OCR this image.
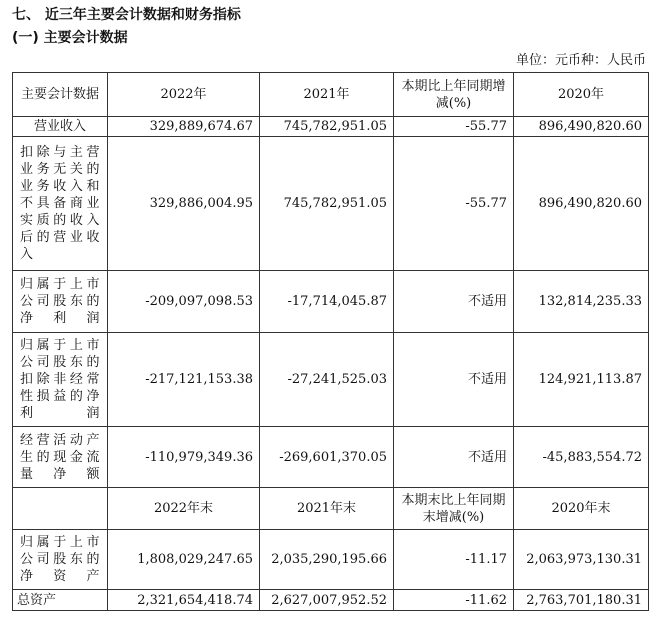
七、 近三年主要会计数据和财务指标
(一) 主要会计数据
单位：元币种：人民币
主要会计数据	2022年	2021年	本期比上年同期增减(%)	2020年
营业收入	329,889,674.67	745,782,951.05	-55.77	896,490,820.60
扣除与主营业务无关的业务收入和不具备商业实质的收入后的营业收入	329,886,004.95	745,782,951.05	-55.77	896,490,820.60
归属于上市公司股东的净利润	-209,097,098.53	-17,714,045.87	不适用	132,814,235.33
归属于上市公司股东的扣除非经常性损益的净利润	-217,121,153.38	-27,241,525.03	不适用	124,921,113.87
经营活动产生的现金流量净额	-110,979,349.36	-269,601,370.05	不适用	-45,883,554.72
	2022年末	2021年末	本期末比上年同期末增减(%)	2020年末
归属于上市公司股东的净资产	1,808,029,247.65	2,035,290,195.66	-11.17	2,063,973,130.31
总资产	2,321,654,418.74	2,627,007,952.52	-11.62	2,763,701,180.31
